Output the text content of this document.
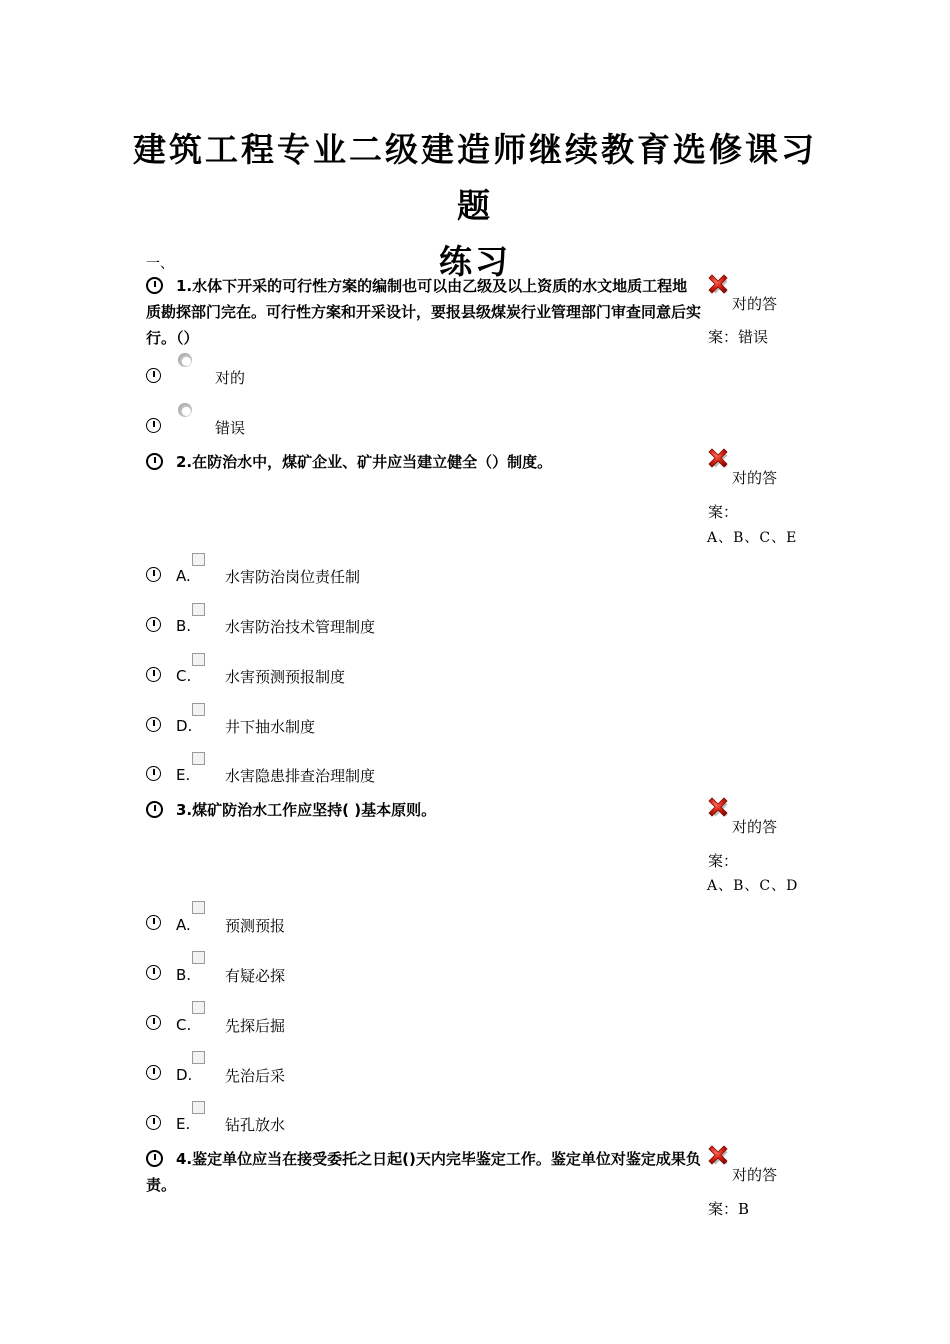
建筑工程专业二级建造师继续教育选修课习题
练习
一、
1.水体下开采的可行性方案的编制也可以由乙级及以上资质的水文地质工程地质勘探部门完在。可行性方案和开采设计，要报县级煤炭行业管理部门审查同意后实行。（）
对的答
案：错误
对的
错误
2.在防治水中，煤矿企业、矿井应当建立健全（）制度。
对的答
案：
A、B、C、E
A. 水害防治岗位责任制
B. 水害防治技术管理制度
C. 水害预测预报制度
D. 井下抽水制度
E. 水害隐患排查治理制度
3.煤矿防治水工作应坚持( )基本原则。
对的答
案：
A、B、C、D
A. 预测预报
B. 有疑必探
C. 先探后掘
D. 先治后采
E. 钻孔放水
4.鉴定单位应当在接受委托之日起()天内完毕鉴定工作。鉴定单位对鉴定成果负责。
对的答
案：B
